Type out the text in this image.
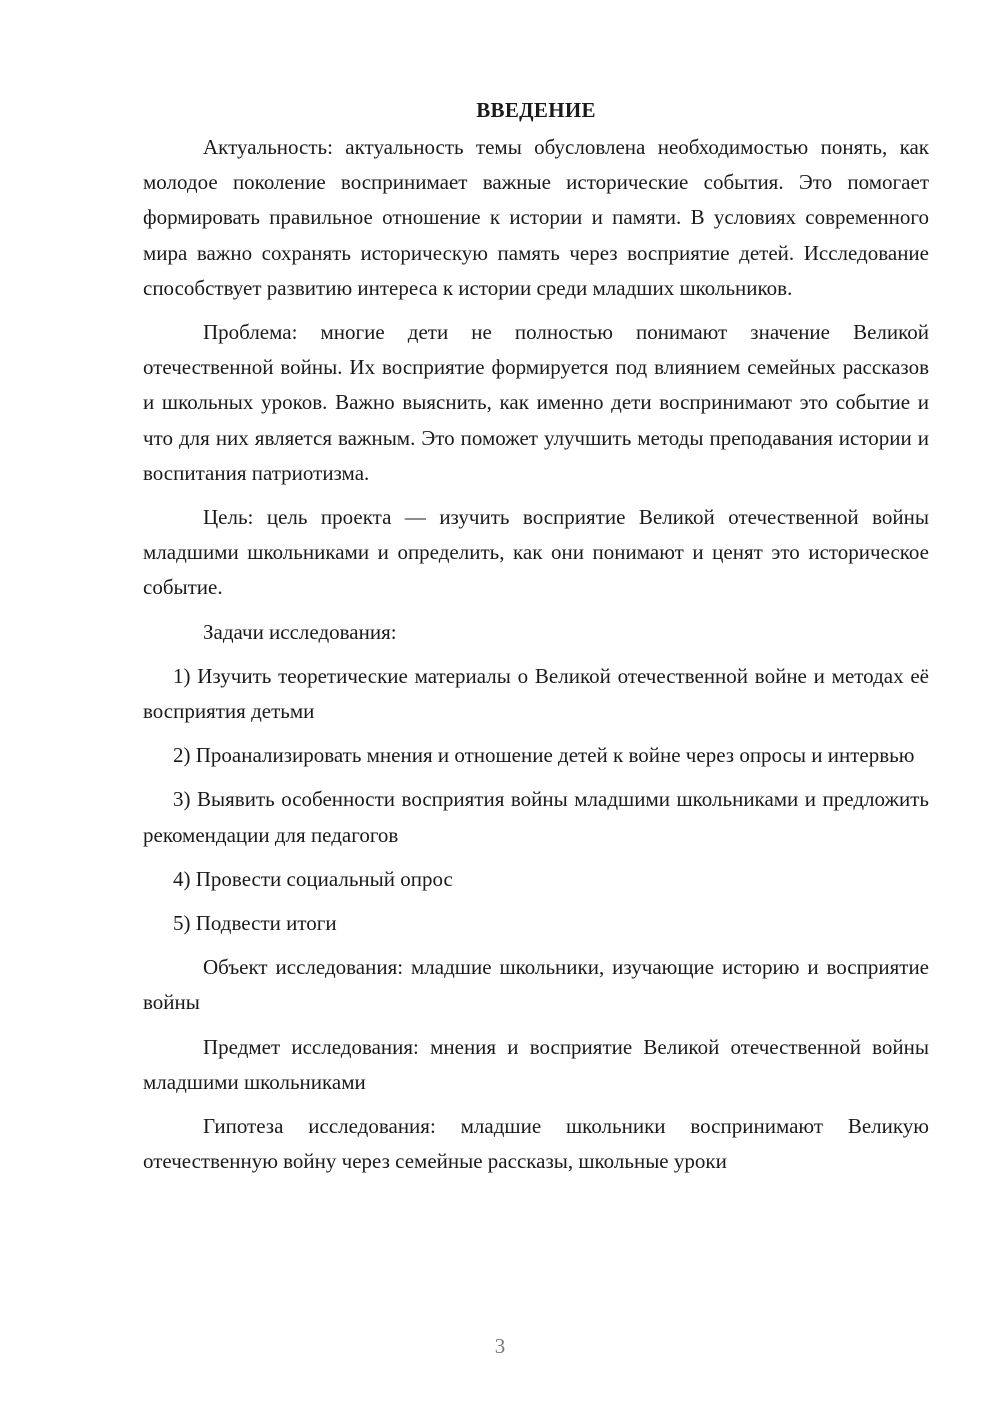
ВВЕДЕНИЕ

Актуальность: актуальность темы обусловлена необходимостью понять, как молодое поколение воспринимает важные исторические события. Это помогает формировать правильное отношение к истории и памяти. В условиях современного мира важно сохранять историческую память через восприятие детей. Исследование способствует развитию интереса к истории среди младших школьников.

Проблема: многие дети не полностью понимают значение Великой отечественной войны. Их восприятие формируется под влиянием семейных рассказов и школьных уроков. Важно выяснить, как именно дети воспринимают это событие и что для них является важным. Это поможет улучшить методы преподавания истории и воспитания патриотизма.

Цель: цель проекта — изучить восприятие Великой отечественной войны младшими школьниками и определить, как они понимают и ценят это историческое событие.

Задачи исследования:

1) Изучить теоретические материалы о Великой отечественной войне и методах её восприятия детьми

2) Проанализировать мнения и отношение детей к войне через опросы и интервью

3) Выявить особенности восприятия войны младшими школьниками и предложить рекомендации для педагогов

4) Провести социальный опрос

5) Подвести итоги

Объект исследования: младшие школьники, изучающие историю и восприятие войны

Предмет исследования: мнения и восприятие Великой отечественной войны младшими школьниками

Гипотеза исследования: младшие школьники воспринимают Великую отечественную войну через семейные рассказы, школьные уроки

3
